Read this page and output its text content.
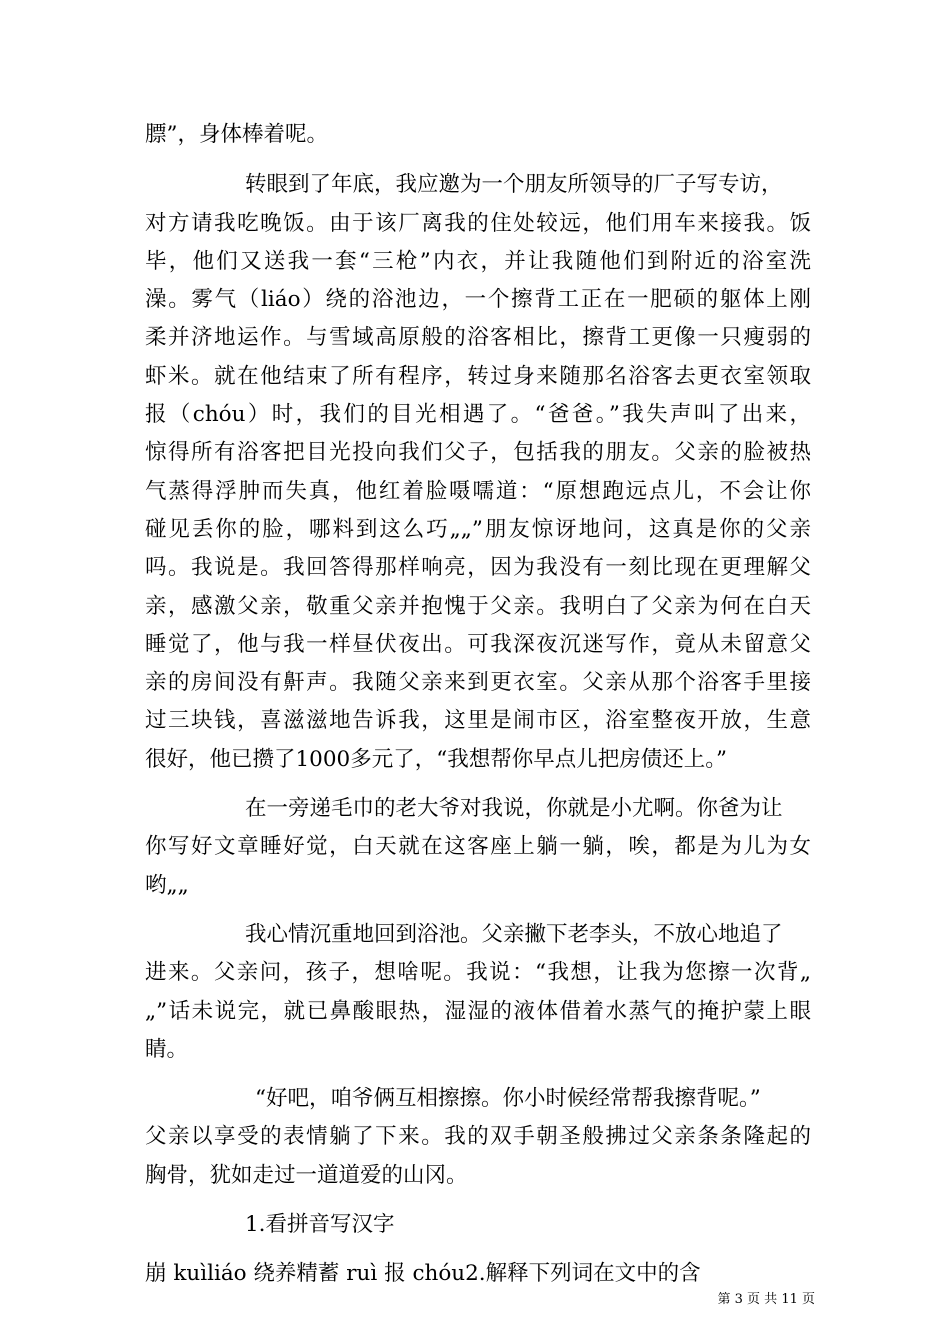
膘”，身体棒着呢。
转眼到了年底，我应邀为一个朋友所领导的厂子写专访，
对方请我吃晚饭。由于该厂离我的住处较远，他们用车来接我。饭
毕，他们又送我一套“三枪”内衣，并让我随他们到附近的浴室洗
澡。雾气（liáo）绕的浴池边，一个擦背工正在一肥硕的躯体上刚
柔并济地运作。与雪域高原般的浴客相比，擦背工更像一只瘦弱的
虾米。就在他结束了所有程序，转过身来随那名浴客去更衣室领取
报（chóu）时，我们的目光相遇了。“爸爸。”我失声叫了出来，
惊得所有浴客把目光投向我们父子，包括我的朋友。父亲的脸被热
气蒸得浮肿而失真，他红着脸嗫嚅道：“原想跑远点儿，不会让你
碰见丢你的脸，哪料到这么巧„„”朋友惊讶地问，这真是你的父亲
吗。我说是。我回答得那样响亮，因为我没有一刻比现在更理解父
亲，感激父亲，敬重父亲并抱愧于父亲。我明白了父亲为何在白天
睡觉了，他与我一样昼伏夜出。可我深夜沉迷写作，竟从未留意父
亲的房间没有鼾声。我随父亲来到更衣室。父亲从那个浴客手里接
过三块钱，喜滋滋地告诉我，这里是闹市区，浴室整夜开放，生意
很好，他已攒了1000多元了，“我想帮你早点儿把房债还上。”
在一旁递毛巾的老大爷对我说，你就是小尤啊。你爸为让
你写好文章睡好觉，白天就在这客座上躺一躺，唉，都是为儿为女
哟„„
我心情沉重地回到浴池。父亲撇下老李头，不放心地追了
进来。父亲问，孩子，想啥呢。我说：“我想，让我为您擦一次背„
„”话未说完，就已鼻酸眼热，湿湿的液体借着水蒸气的掩护蒙上眼
睛。
“好吧，咱爷俩互相擦擦。你小时候经常帮我擦背呢。”
父亲以享受的表情躺了下来。我的双手朝圣般拂过父亲条条隆起的
胸骨，犹如走过一道道爱的山冈。
1.看拼音写汉字
崩 kuìliáo 绕养精蓄 ruì 报 chóu2.解释下列词在文中的含
第 3 页 共 11 页
